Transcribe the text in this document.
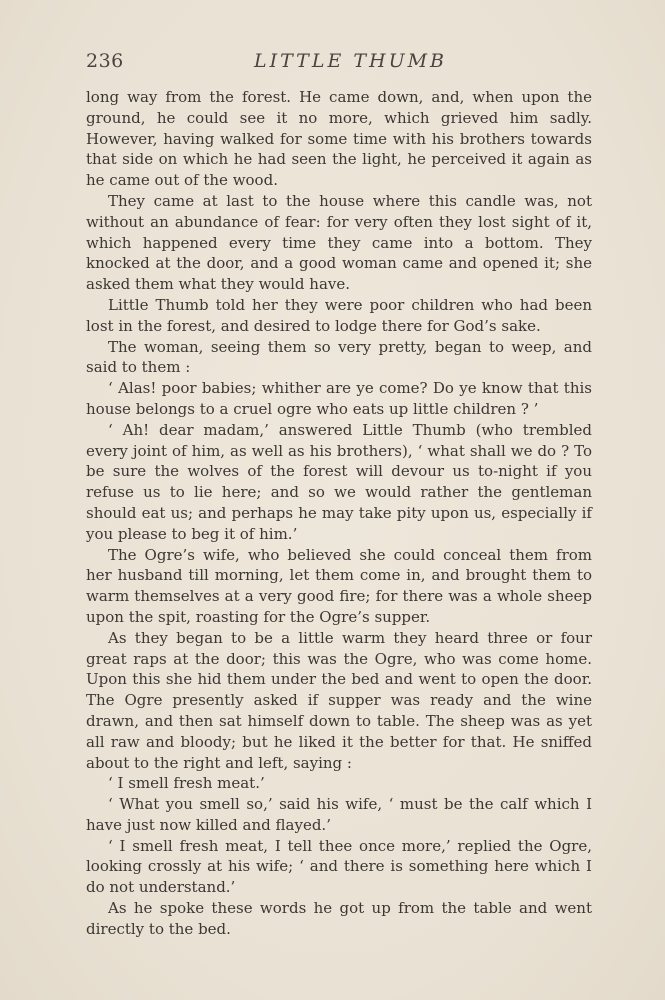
236	LITTLE THUMB

long way from the forest. He came down, and, when upon the ground, he could see it no more, which grieved him sadly. However, having walked for some time with his brothers towards that side on which he had seen the light, he perceived it again as he came out of the wood.

They came at last to the house where this candle was, not without an abundance of fear: for very often they lost sight of it, which happened every time they came into a bottom. They knocked at the door, and a good woman came and opened it; she asked them what they would have.

Little Thumb told her they were poor children who had been lost in the forest, and desired to lodge there for God’s sake.

The woman, seeing them so very pretty, began to weep, and said to them :

‘ Alas! poor babies; whither are ye come? Do ye know that this house belongs to a cruel ogre who eats up little children ? ’

‘ Ah! dear madam,’ answered Little Thumb (who trembled every joint of him, as well as his brothers), ‘ what shall we do ? To be sure the wolves of the forest will devour us to-night if you refuse us to lie here; and so we would rather the gentleman should eat us; and perhaps he may take pity upon us, especially if you please to beg it of him.’

The Ogre’s wife, who believed she could conceal them from her husband till morning, let them come in, and brought them to warm themselves at a very good fire; for there was a whole sheep upon the spit, roasting for the Ogre’s supper.

As they began to be a little warm they heard three or four great raps at the door; this was the Ogre, who was come home. Upon this she hid them under the bed and went to open the door. The Ogre presently asked if supper was ready and the wine drawn, and then sat himself down to table. The sheep was as yet all raw and bloody; but he liked it the better for that. He sniffed about to the right and left, saying :

‘ I smell fresh meat.’

‘ What you smell so,’ said his wife, ‘ must be the calf which I have just now killed and flayed.’

‘ I smell fresh meat, I tell thee once more,’ replied the Ogre, looking crossly at his wife; ‘ and there is something here which I do not understand.’

As he spoke these words he got up from the table and went directly to the bed.
